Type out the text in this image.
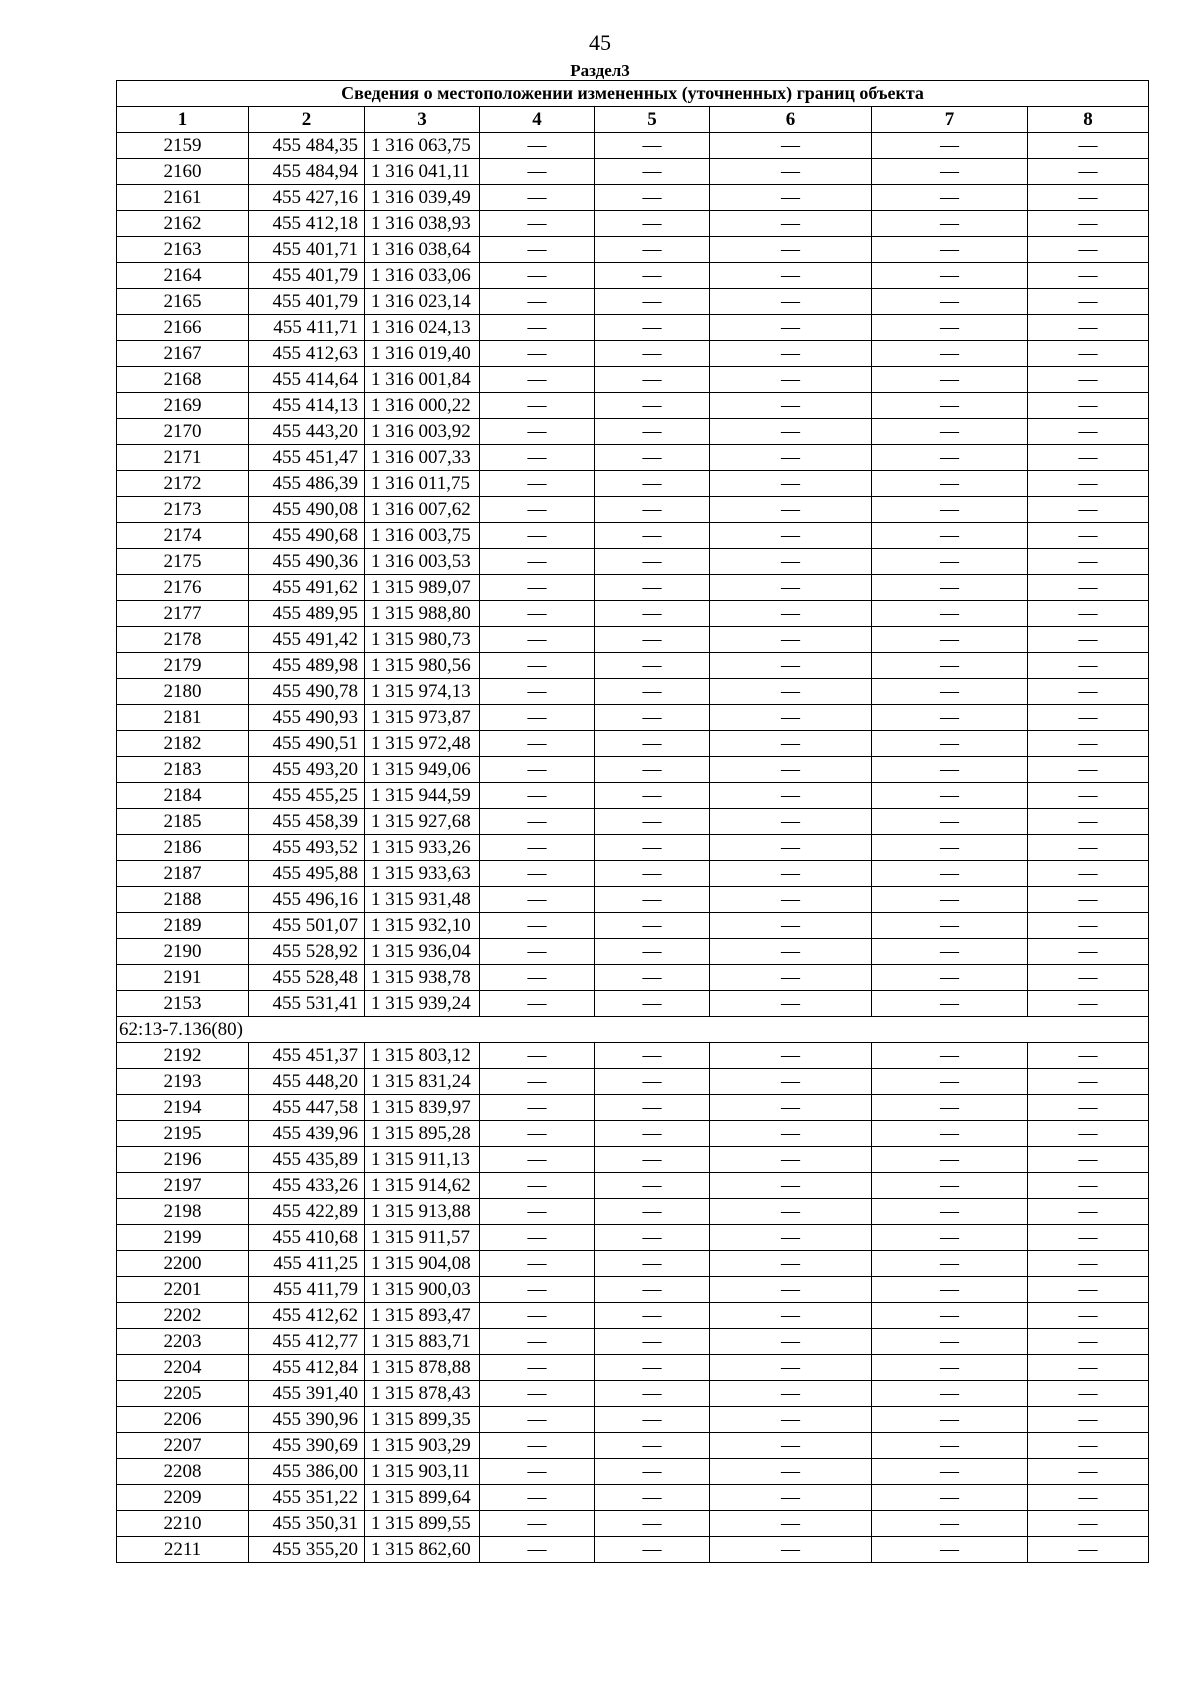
45
Раздел3
Сведения о местоположении измененных (уточненных) границ объекта							
1	2	3	4	5	6	7	8
2159	455 484,35	1 316 063,75	—	—	—	—	—
2160	455 484,94	1 316 041,11	—	—	—	—	—
2161	455 427,16	1 316 039,49	—	—	—	—	—
2162	455 412,18	1 316 038,93	—	—	—	—	—
2163	455 401,71	1 316 038,64	—	—	—	—	—
2164	455 401,79	1 316 033,06	—	—	—	—	—
2165	455 401,79	1 316 023,14	—	—	—	—	—
2166	455 411,71	1 316 024,13	—	—	—	—	—
2167	455 412,63	1 316 019,40	—	—	—	—	—
2168	455 414,64	1 316 001,84	—	—	—	—	—
2169	455 414,13	1 316 000,22	—	—	—	—	—
2170	455 443,20	1 316 003,92	—	—	—	—	—
2171	455 451,47	1 316 007,33	—	—	—	—	—
2172	455 486,39	1 316 011,75	—	—	—	—	—
2173	455 490,08	1 316 007,62	—	—	—	—	—
2174	455 490,68	1 316 003,75	—	—	—	—	—
2175	455 490,36	1 316 003,53	—	—	—	—	—
2176	455 491,62	1 315 989,07	—	—	—	—	—
2177	455 489,95	1 315 988,80	—	—	—	—	—
2178	455 491,42	1 315 980,73	—	—	—	—	—
2179	455 489,98	1 315 980,56	—	—	—	—	—
2180	455 490,78	1 315 974,13	—	—	—	—	—
2181	455 490,93	1 315 973,87	—	—	—	—	—
2182	455 490,51	1 315 972,48	—	—	—	—	—
2183	455 493,20	1 315 949,06	—	—	—	—	—
2184	455 455,25	1 315 944,59	—	—	—	—	—
2185	455 458,39	1 315 927,68	—	—	—	—	—
2186	455 493,52	1 315 933,26	—	—	—	—	—
2187	455 495,88	1 315 933,63	—	—	—	—	—
2188	455 496,16	1 315 931,48	—	—	—	—	—
2189	455 501,07	1 315 932,10	—	—	—	—	—
2190	455 528,92	1 315 936,04	—	—	—	—	—
2191	455 528,48	1 315 938,78	—	—	—	—	—
2153	455 531,41	1 315 939,24	—	—	—	—	—
62:13-7.136(80)							
2192	455 451,37	1 315 803,12	—	—	—	—	—
2193	455 448,20	1 315 831,24	—	—	—	—	—
2194	455 447,58	1 315 839,97	—	—	—	—	—
2195	455 439,96	1 315 895,28	—	—	—	—	—
2196	455 435,89	1 315 911,13	—	—	—	—	—
2197	455 433,26	1 315 914,62	—	—	—	—	—
2198	455 422,89	1 315 913,88	—	—	—	—	—
2199	455 410,68	1 315 911,57	—	—	—	—	—
2200	455 411,25	1 315 904,08	—	—	—	—	—
2201	455 411,79	1 315 900,03	—	—	—	—	—
2202	455 412,62	1 315 893,47	—	—	—	—	—
2203	455 412,77	1 315 883,71	—	—	—	—	—
2204	455 412,84	1 315 878,88	—	—	—	—	—
2205	455 391,40	1 315 878,43	—	—	—	—	—
2206	455 390,96	1 315 899,35	—	—	—	—	—
2207	455 390,69	1 315 903,29	—	—	—	—	—
2208	455 386,00	1 315 903,11	—	—	—	—	—
2209	455 351,22	1 315 899,64	—	—	—	—	—
2210	455 350,31	1 315 899,55	—	—	—	—	—
2211	455 355,20	1 315 862,60	—	—	—	—	—
